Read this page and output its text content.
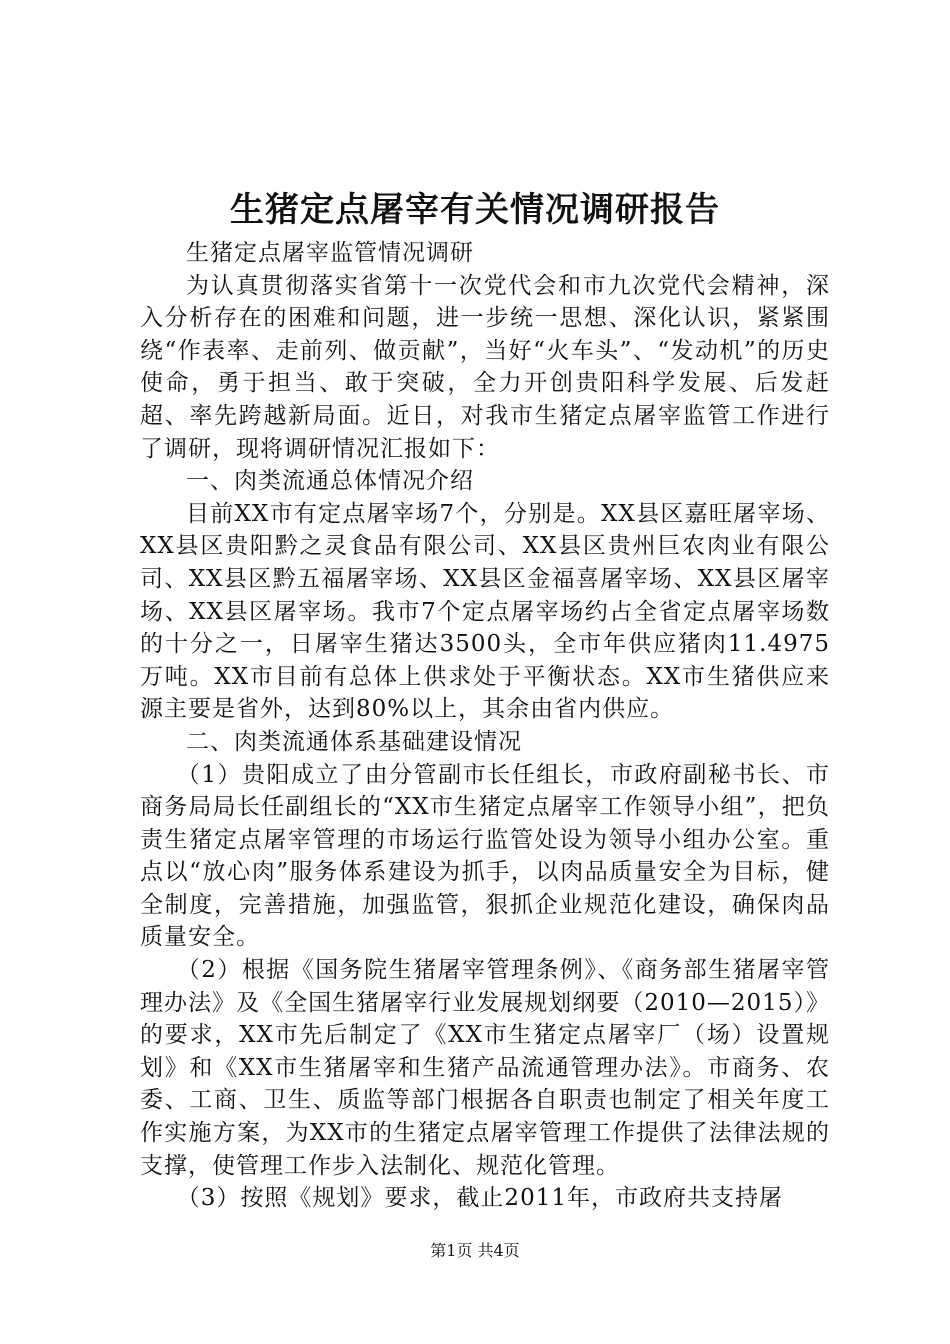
生猪定点屠宰有关情况调研报告

生猪定点屠宰监管情况调研

为认真贯彻落实省第十一次党代会和市九次党代会精神，深入分析存在的困难和问题，进一步统一思想、深化认识，紧紧围绕“作表率、走前列、做贡献”，当好“火车头”、“发动机”的历史使命，勇于担当、敢于突破，全力开创贵阳科学发展、后发赶超、率先跨越新局面。近日，对我市生猪定点屠宰监管工作进行了调研，现将调研情况汇报如下：

一、肉类流通总体情况介绍

目前XX市有定点屠宰场7个，分别是。XX县区嘉旺屠宰场、XX县区贵阳黔之灵食品有限公司、XX县区贵州巨农肉业有限公司、XX县区黔五福屠宰场、XX县区金福喜屠宰场、XX县区屠宰场、XX县区屠宰场。我市7个定点屠宰场约占全省定点屠宰场数的十分之一，日屠宰生猪达3500头，全市年供应猪肉11.4975万吨。XX市目前有总体上供求处于平衡状态。XX市生猪供应来源主要是省外，达到80%以上，其余由省内供应。

二、肉类流通体系基础建设情况

（1）贵阳成立了由分管副市长任组长，市政府副秘书长、市商务局局长任副组长的“XX市生猪定点屠宰工作领导小组”，把负责生猪定点屠宰管理的市场运行监管处设为领导小组办公室。重点以“放心肉”服务体系建设为抓手，以肉品质量安全为目标，健全制度，完善措施，加强监管，狠抓企业规范化建设，确保肉品质量安全。

（2）根据《国务院生猪屠宰管理条例》、《商务部生猪屠宰管理办法》及《全国生猪屠宰行业发展规划纲要（2010—2015）》的要求，XX市先后制定了《XX市生猪定点屠宰厂（场）设置规划》和《XX市生猪屠宰和生猪产品流通管理办法》。市商务、农委、工商、卫生、质监等部门根据各自职责也制定了相关年度工作实施方案，为XX市的生猪定点屠宰管理工作提供了法律法规的支撑，使管理工作步入法制化、规范化管理。

（3）按照《规划》要求，截止2011年，市政府共支持屠

第1页 共4页
